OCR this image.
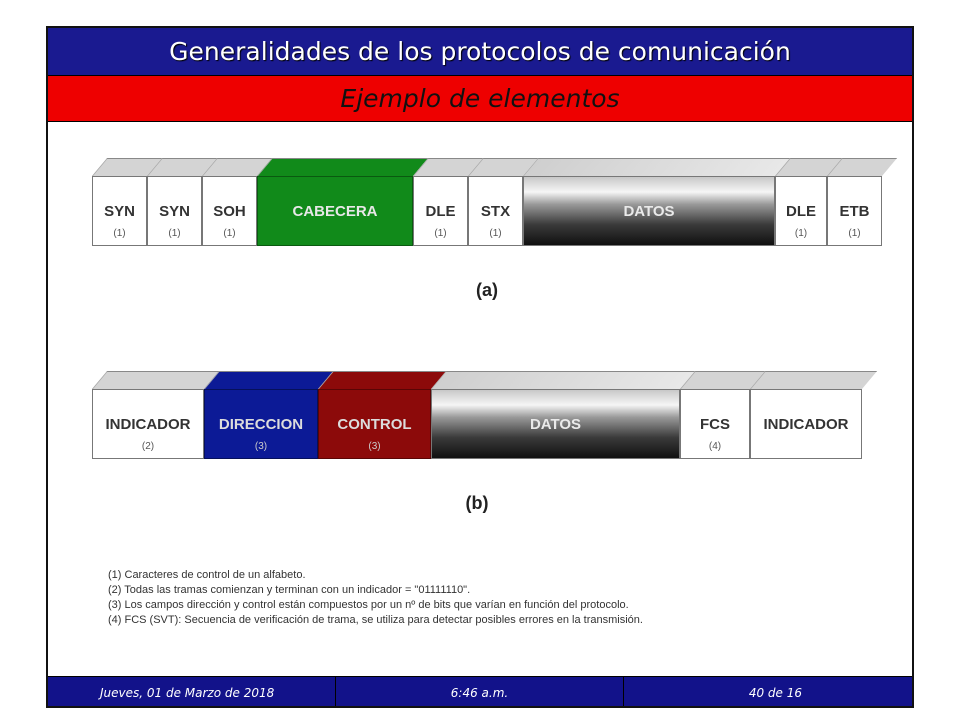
Generalidades de los protocolos de comunicación
Ejemplo de elementos
SYN
(1)
SYN
(1)
SOH
(1)
CABECERA	DLE
(1)
STX
(1)
DATOS	DLE
(1)
ETB
(1)
(a)
INDICADOR
(2)
DIRECCION
(3)
CONTROL
(3)
DATOS	FCS
(4)
INDICADOR
(b)
(1) Caracteres de control de un alfabeto.
(2) Todas las tramas comienzan y terminan con un indicador = "01111110".
(3) Los campos dirección y control están compuestos por un nº de bits que varían en función del protocolo.
(4) FCS (SVT): Secuencia de verificación de trama, se utiliza para detectar posibles errores en la transmisión.
Jueves, 01 de Marzo de 2018	6:46 a.m.	40 de 16
